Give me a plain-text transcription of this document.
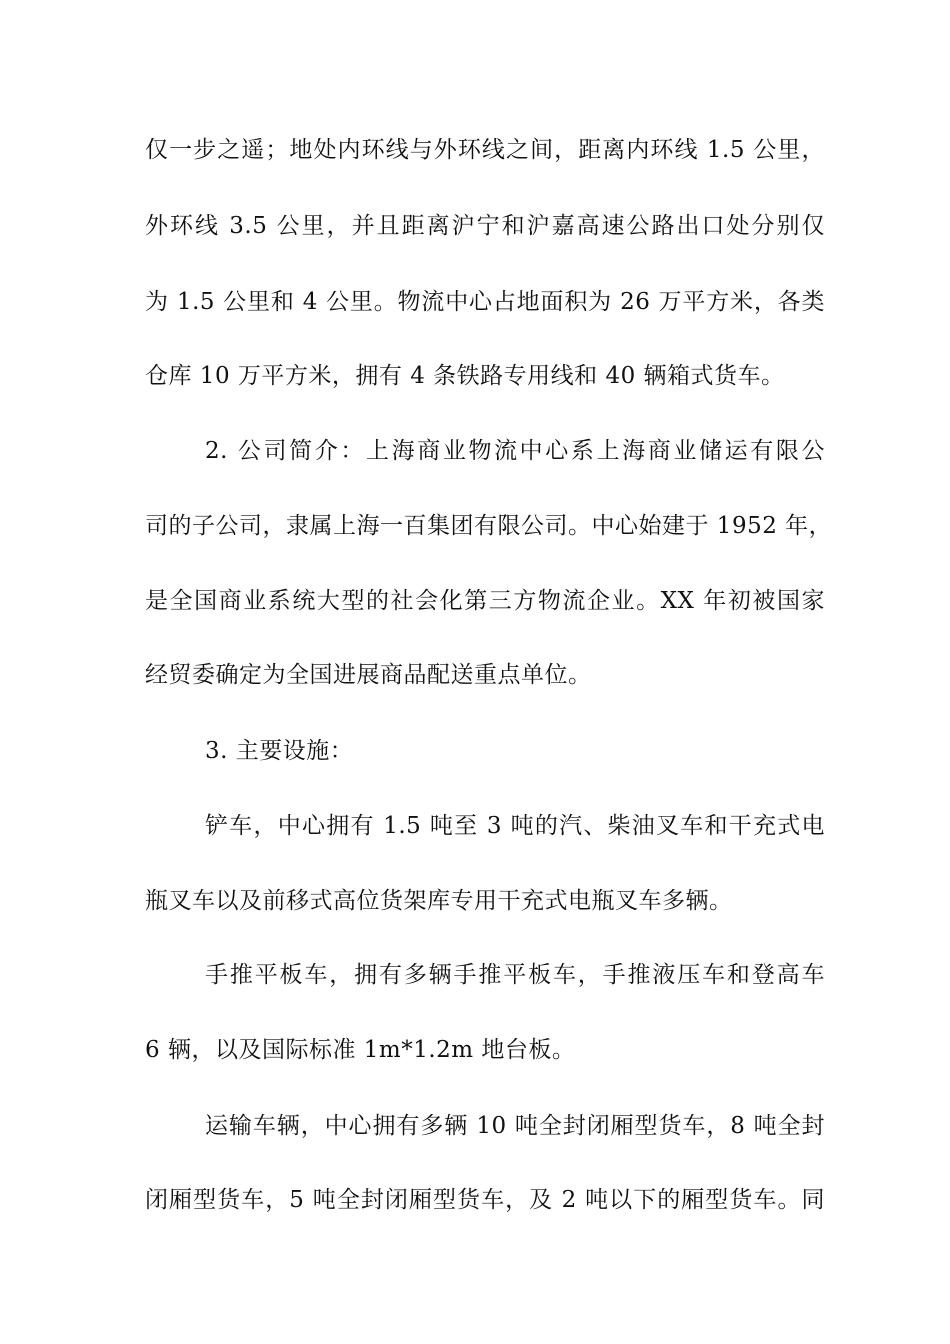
仅一步之遥；地处内环线与外环线之间，距离内环线 1.5 公里，
外环线 3.5 公里，并且距离沪宁和沪嘉高速公路出口处分别仅
为 1.5 公里和 4 公里。物流中心占地面积为 26 万平方米，各类
仓库 10 万平方米，拥有 4 条铁路专用线和 40 辆箱式货车。
2. 公司简介：上海商业物流中心系上海商业储运有限公
司的子公司，隶属上海一百集团有限公司。中心始建于 1952 年，
是全国商业系统大型的社会化第三方物流企业。XX 年初被国家
经贸委确定为全国进展商品配送重点单位。
3. 主要设施：
铲车，中心拥有 1.5 吨至 3 吨的汽、柴油叉车和干充式电
瓶叉车以及前移式高位货架库专用干充式电瓶叉车多辆。
手推平板车，拥有多辆手推平板车，手推液压车和登高车
6 辆，以及国际标准 1m*1.2m 地台板。
运输车辆，中心拥有多辆 10 吨全封闭厢型货车，8 吨全封
闭厢型货车，5 吨全封闭厢型货车，及 2 吨以下的厢型货车。同
